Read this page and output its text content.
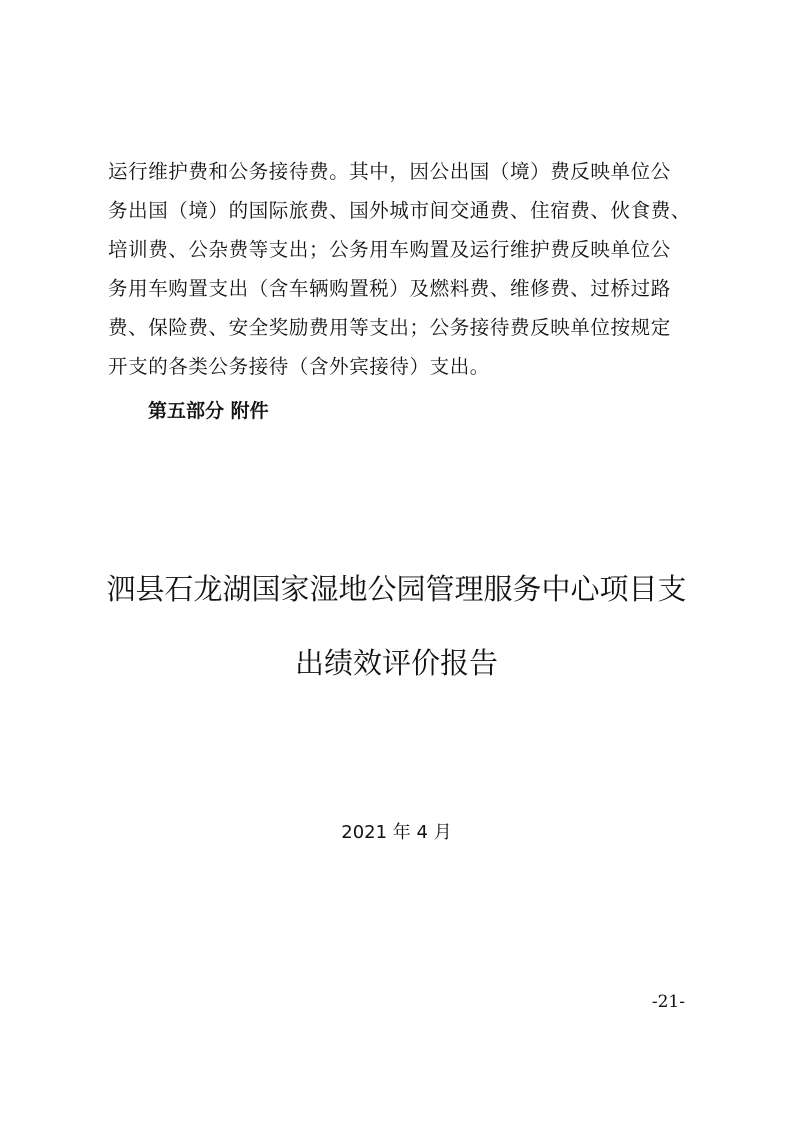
运行维护费和公务接待费。其中，因公出国（境）费反映单位公
务出国（境）的国际旅费、国外城市间交通费、住宿费、伙食费、
培训费、公杂费等支出；公务用车购置及运行维护费反映单位公
务用车购置支出（含车辆购置税）及燃料费、维修费、过桥过路
费、保险费、安全奖励费用等支出；公务接待费反映单位按规定
开支的各类公务接待（含外宾接待）支出。
第五部分 附件
泗县石龙湖国家湿地公园管理服务中心项目支
出绩效评价报告

2021 年 4 月

-21-
